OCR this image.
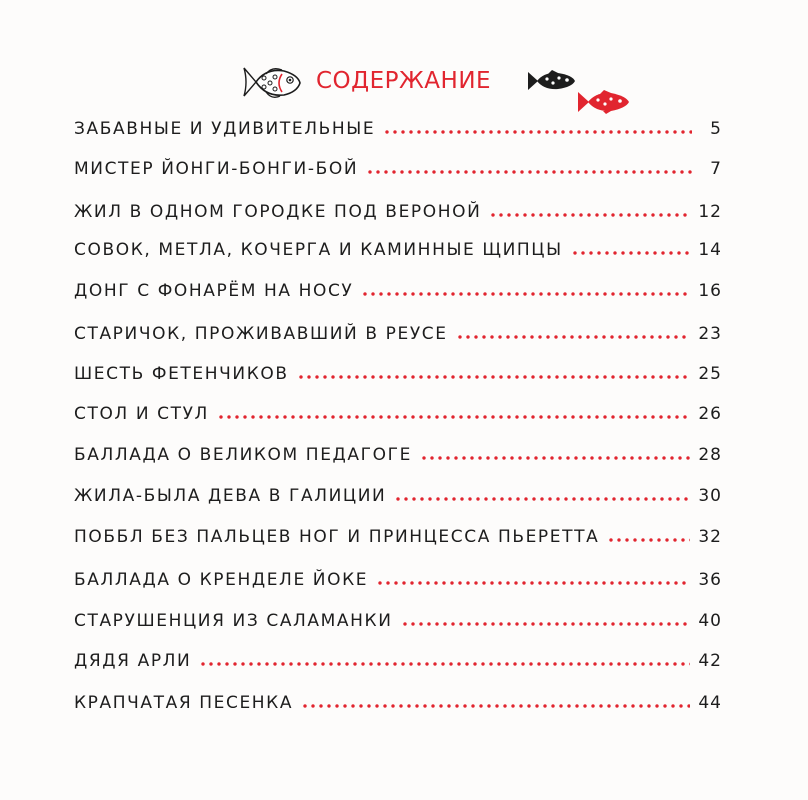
СОДЕРЖАНИЕ
ЗАБАВНЫЕ И УДИВИТЕЛЬНЫЕ	5
МИСТЕР ЙОНГИ-БОНГИ-БОЙ	7
ЖИЛ В ОДНОМ ГОРОДКЕ ПОД ВЕРОНОЙ	12
СОВОК, МЕТЛА, КОЧЕРГА И КАМИННЫЕ ЩИПЦЫ	14
ДОНГ С ФОНАРЁМ НА НОСУ	16
СТАРИЧОК, ПРОЖИВАВШИЙ В РЕУСЕ	23
ШЕСТЬ ФЕТЕНЧИКОВ	25
СТОЛ И СТУЛ	26
БАЛЛАДА О ВЕЛИКОМ ПЕДАГОГЕ	28
ЖИЛА-БЫЛА ДЕВА В ГАЛИЦИИ	30
ПОББЛ БЕЗ ПАЛЬЦЕВ НОГ И ПРИНЦЕССА ПЬЕРЕТТА	32
БАЛЛАДА О КРЕНДЕЛЕ ЙОКЕ	36
СТАРУШЕНЦИЯ ИЗ САЛАМАНКИ	40
ДЯДЯ АРЛИ	42
КРАПЧАТАЯ ПЕСЕНКА	44
